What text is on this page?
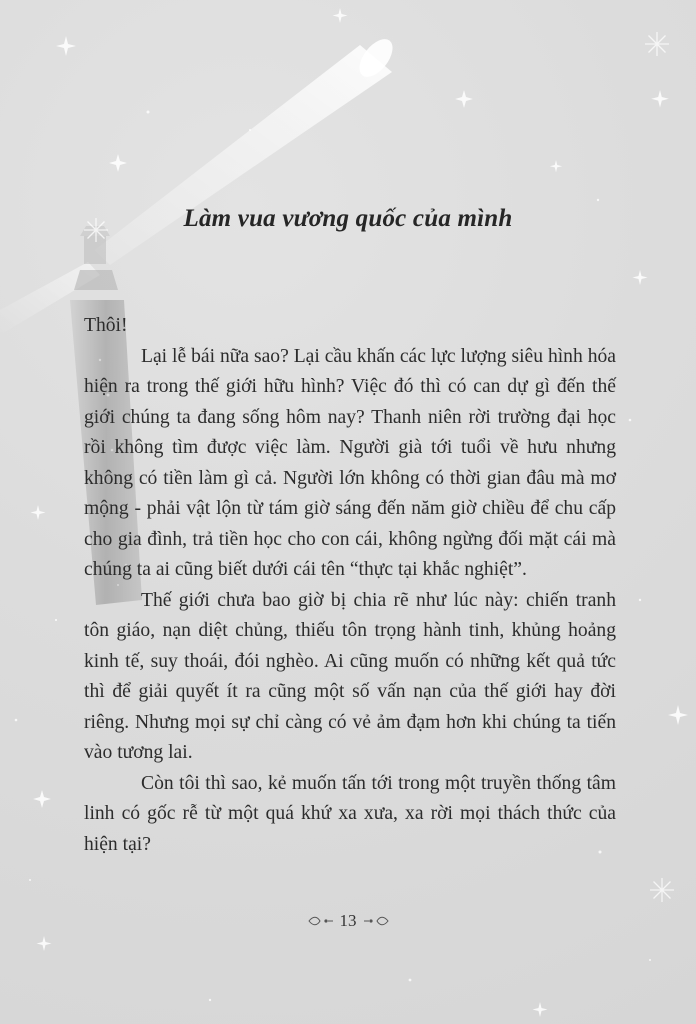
Làm vua vương quốc của mình

Thôi!

Lại lễ bái nữa sao? Lại cầu khấn các lực lượng siêu hình hóa hiện ra trong thế giới hữu hình? Việc đó thì có can dự gì đến thế giới chúng ta đang sống hôm nay? Thanh niên rời trường đại học rồi không tìm được việc làm. Người già tới tuổi về hưu nhưng không có tiền làm gì cả. Người lớn không có thời gian đâu mà mơ mộng - phải vật lộn từ tám giờ sáng đến năm giờ chiều để chu cấp cho gia đình, trả tiền học cho con cái, không ngừng đối mặt cái mà chúng ta ai cũng biết dưới cái tên “thực tại khắc nghiệt”.

Thế giới chưa bao giờ bị chia rẽ như lúc này: chiến tranh tôn giáo, nạn diệt chủng, thiếu tôn trọng hành tinh, khủng hoảng kinh tế, suy thoái, đói nghèo. Ai cũng muốn có những kết quả tức thì để giải quyết ít ra cũng một số vấn nạn của thế giới hay đời riêng. Nhưng mọi sự chỉ càng có vẻ ảm đạm hơn khi chúng ta tiến vào tương lai.

Còn tôi thì sao, kẻ muốn tấn tới trong một truyền thống tâm linh có gốc rễ từ một quá khứ xa xưa, xa rời mọi thách thức của hiện tại?

13
